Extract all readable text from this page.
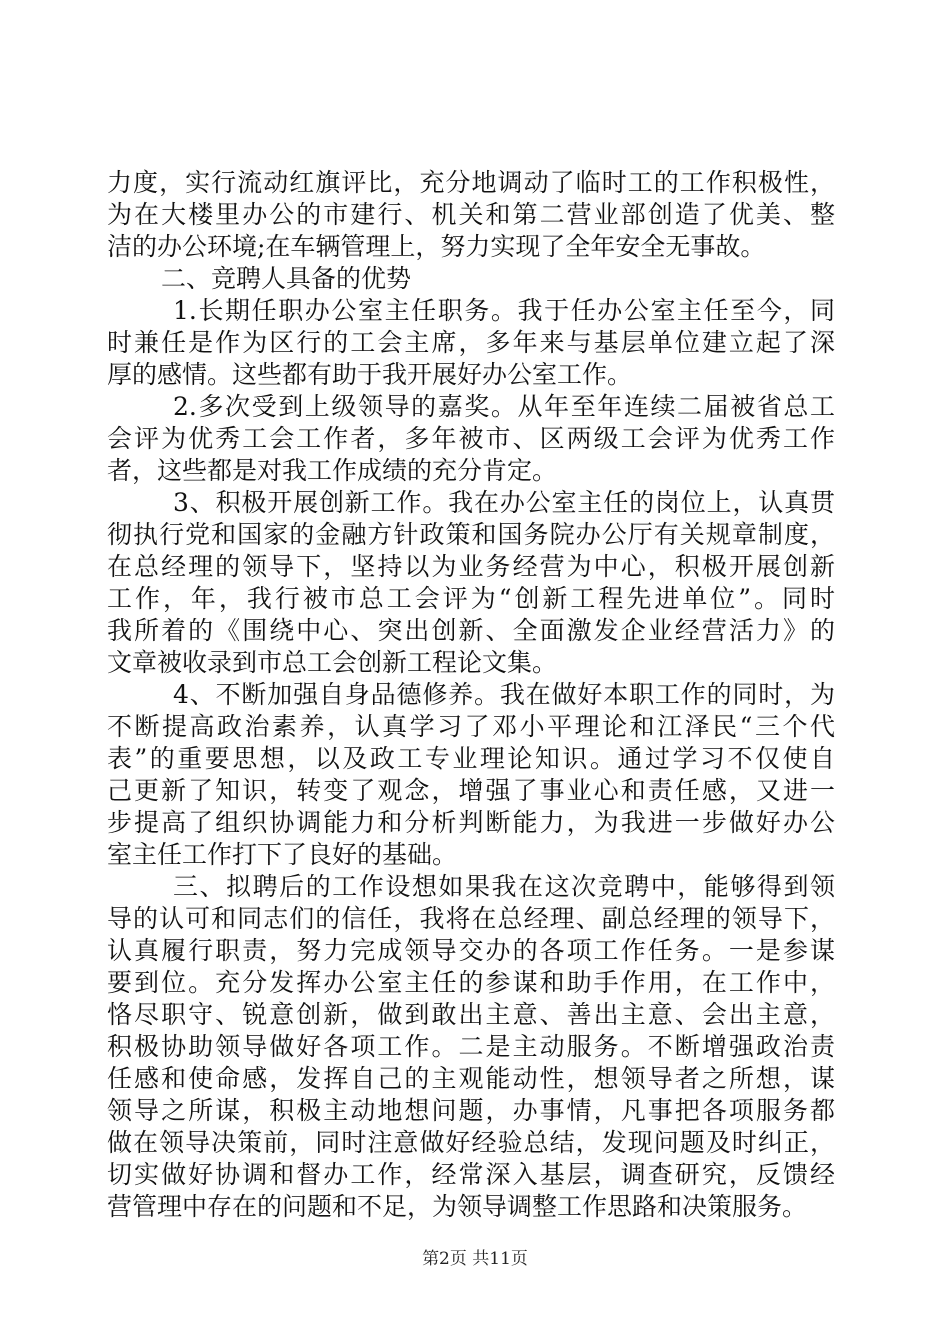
力度，实行流动红旗评比，充分地调动了临时工的工作积极性，
为在大楼里办公的市建行、机关和第二营业部创造了优美、整
洁的办公环境;在车辆管理上，努力实现了全年安全无事故。
二、竞聘人具备的优势
1.长期任职办公室主任职务。我于任办公室主任至今，同
时兼任是作为区行的工会主席，多年来与基层单位建立起了深
厚的感情。这些都有助于我开展好办公室工作。
2.多次受到上级领导的嘉奖。从年至年连续二届被省总工
会评为优秀工会工作者，多年被市、区两级工会评为优秀工作
者，这些都是对我工作成绩的充分肯定。
3、积极开展创新工作。我在办公室主任的岗位上，认真贯
彻执行党和国家的金融方针政策和国务院办公厅有关规章制度，
在总经理的领导下，坚持以为业务经营为中心，积极开展创新
工作，年，我行被市总工会评为“创新工程先进单位”。同时
我所着的《围绕中心、突出创新、全面激发企业经营活力》的
文章被收录到市总工会创新工程论文集。
4、不断加强自身品德修养。我在做好本职工作的同时，为
不断提高政治素养，认真学习了邓小平理论和江泽民“三个代
表”的重要思想，以及政工专业理论知识。通过学习不仅使自
己更新了知识，转变了观念，增强了事业心和责任感，又进一
步提高了组织协调能力和分析判断能力，为我进一步做好办公
室主任工作打下了良好的基础。
三、拟聘后的工作设想如果我在这次竞聘中，能够得到领
导的认可和同志们的信任，我将在总经理、副总经理的领导下，
认真履行职责，努力完成领导交办的各项工作任务。一是参谋
要到位。充分发挥办公室主任的参谋和助手作用，在工作中，
恪尽职守、锐意创新，做到敢出主意、善出主意、会出主意，
积极协助领导做好各项工作。二是主动服务。不断增强政治责
任感和使命感，发挥自己的主观能动性，想领导者之所想，谋
领导之所谋，积极主动地想问题，办事情，凡事把各项服务都
做在领导决策前，同时注意做好经验总结，发现问题及时纠正，
切实做好协调和督办工作，经常深入基层，调查研究，反馈经
营管理中存在的问题和不足，为领导调整工作思路和决策服务。
第2页 共11页
